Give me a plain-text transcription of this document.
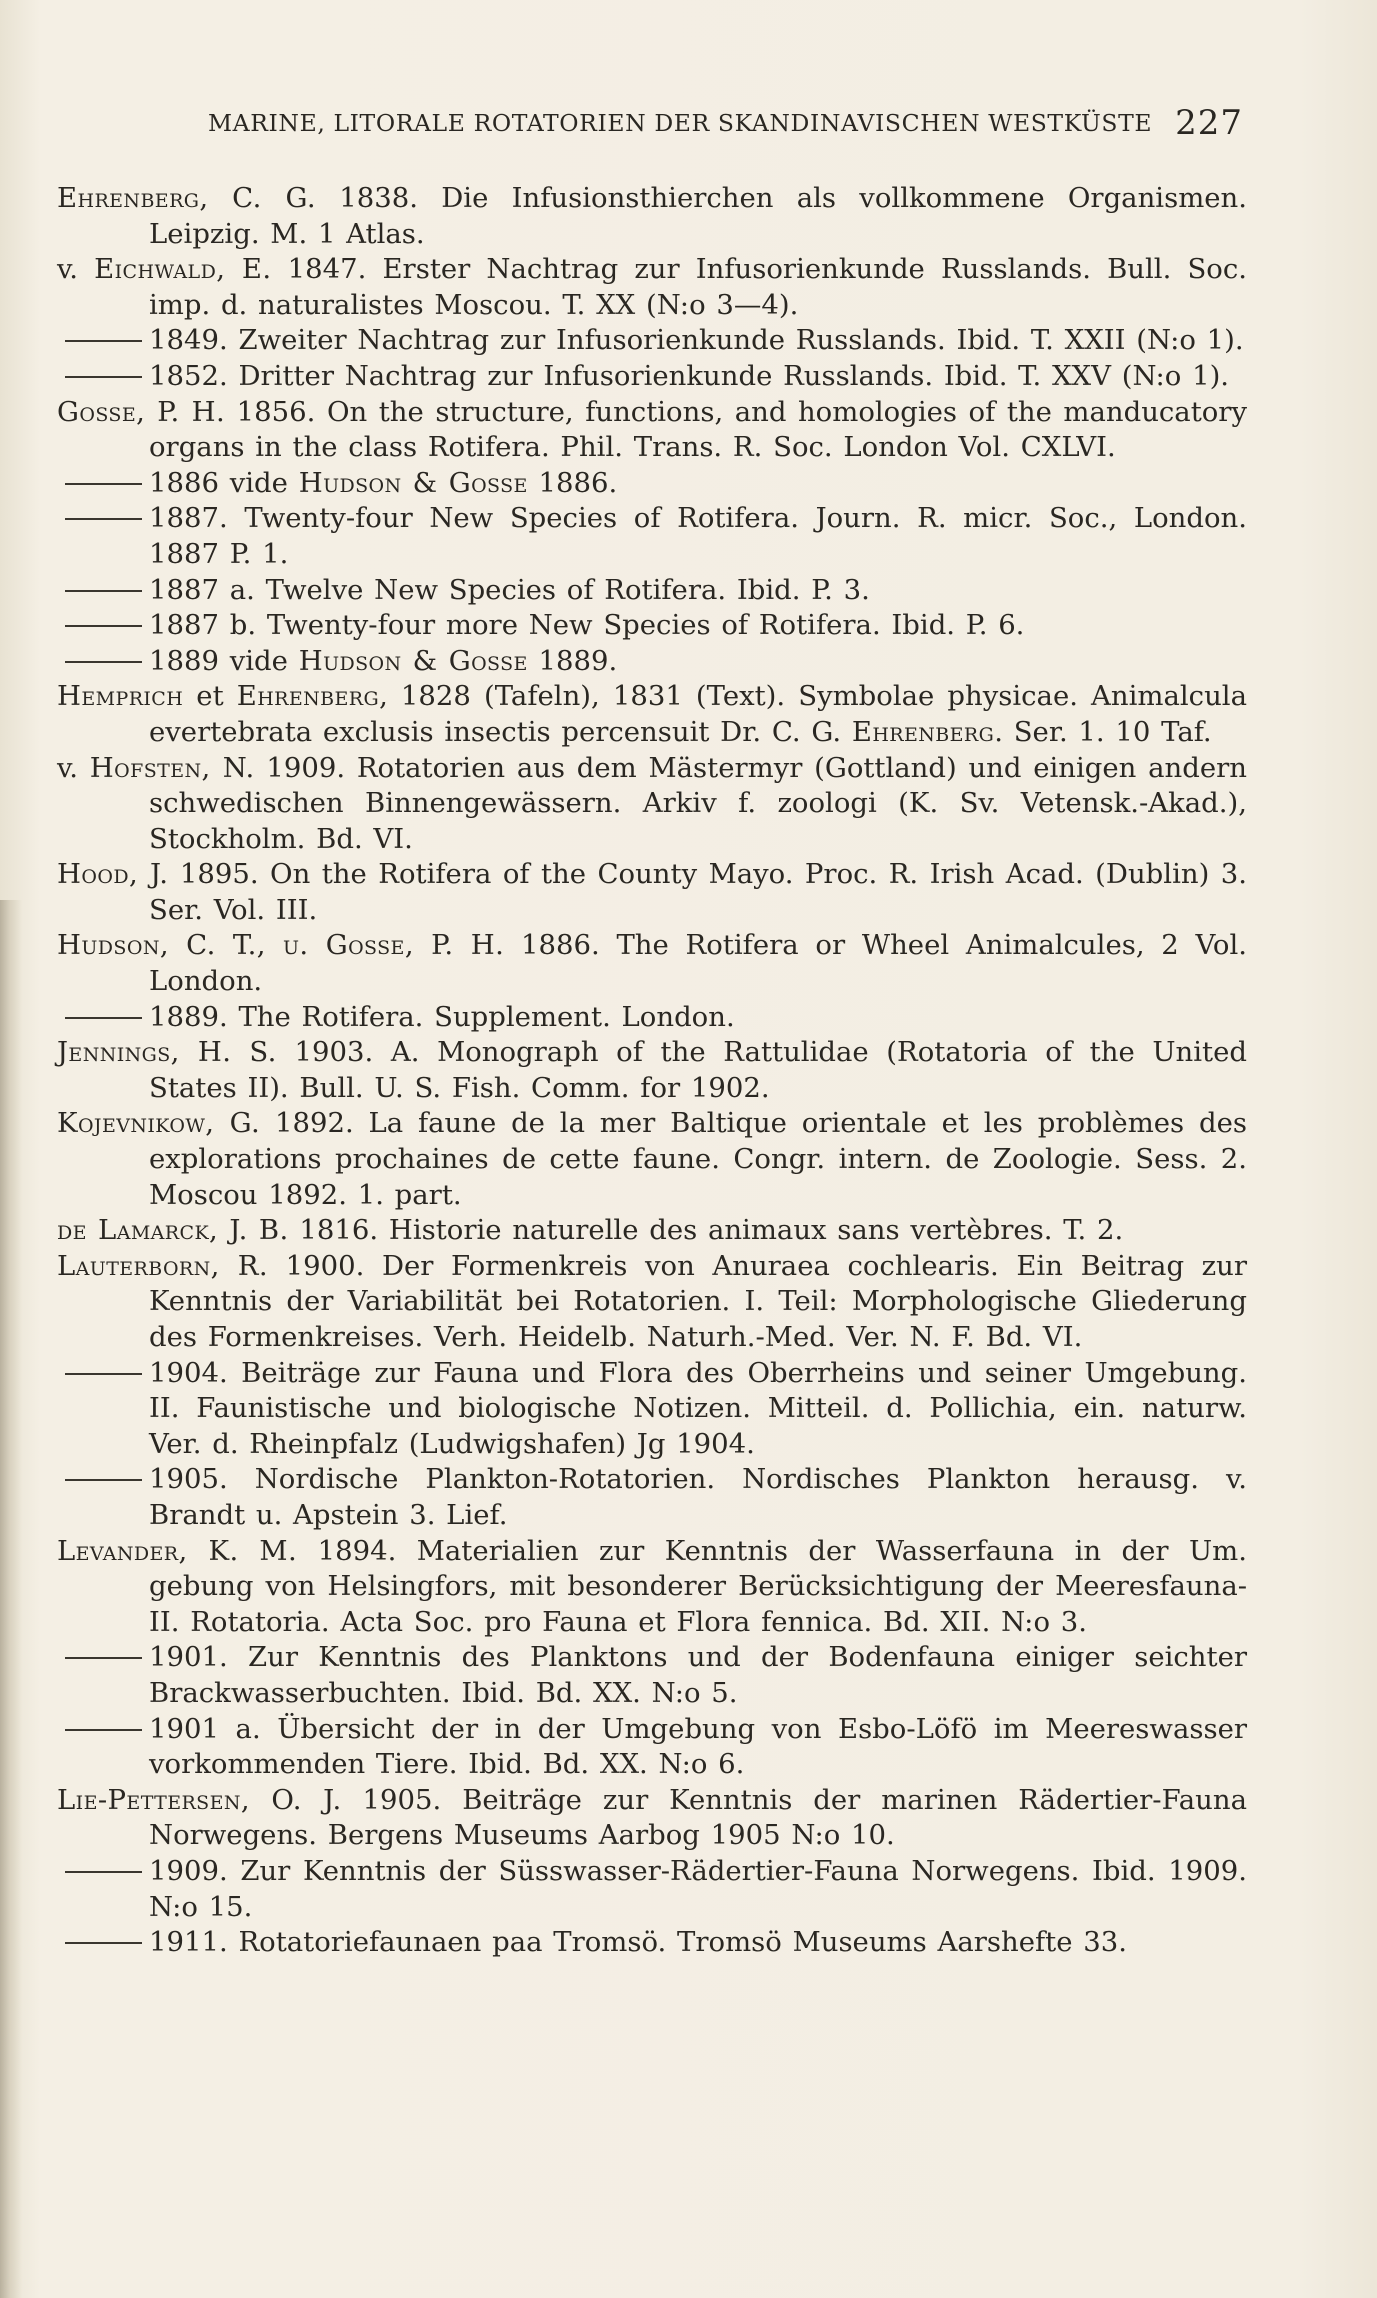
MARINE, LITORALE ROTATORIEN DER SKANDINAVISCHEN WESTKÜSTE 227
Ehrenberg, C. G. 1838. Die Infusionsthierchen als vollkommene Organismen. Leipzig. M. 1 Atlas.
v. Eichwald, E. 1847. Erster Nachtrag zur Infusorienkunde Russlands. Bull. Soc. imp. d. naturalistes Moscou. T. XX (N:o 3—4).
1849. Zweiter Nachtrag zur Infusorienkunde Russlands. Ibid. T. XXII (N:o 1).
1852. Dritter Nachtrag zur Infusorienkunde Russlands. Ibid. T. XXV (N:o 1).
Gosse, P. H. 1856. On the structure, functions, and homologies of the manducatory organs in the class Rotifera. Phil. Trans. R. Soc. London Vol. CXLVI.
1886 vide Hudson & Gosse 1886.
1887. Twenty-four New Species of Rotifera. Journ. R. micr. Soc., London. 1887 P. 1.
1887 a. Twelve New Species of Rotifera. Ibid. P. 3.
1887 b. Twenty-four more New Species of Rotifera. Ibid. P. 6.
1889 vide Hudson & Gosse 1889.
Hemprich et Ehrenberg, 1828 (Tafeln), 1831 (Text). Symbolae physicae. Animalcula evertebrata exclusis insectis percensuit Dr. C. G. Ehrenberg. Ser. 1. 10 Taf.
v. Hofsten, N. 1909. Rotatorien aus dem Mästermyr (Gottland) und einigen andern schwedischen Binnengewässern. Arkiv f. zoologi (K. Sv. Vetensk.-Akad.), Stockholm. Bd. VI.
Hood, J. 1895. On the Rotifera of the County Mayo. Proc. R. Irish Acad. (Dublin) 3. Ser. Vol. III.
Hudson, C. T., u. Gosse, P. H. 1886. The Rotifera or Wheel Animalcules, 2 Vol. London.
1889. The Rotifera. Supplement. London.
Jennings, H. S. 1903. A. Monograph of the Rattulidae (Rotatoria of the United States II). Bull. U. S. Fish. Comm. for 1902.
Kojevnikow, G. 1892. La faune de la mer Baltique orientale et les problèmes des explorations prochaines de cette faune. Congr. intern. de Zoologie. Sess. 2. Moscou 1892. 1. part.
de Lamarck, J. B. 1816. Historie naturelle des animaux sans vertèbres. T. 2.
Lauterborn, R. 1900. Der Formenkreis von Anuraea cochlearis. Ein Beitrag zur Kenntnis der Variabilität bei Rotatorien. I. Teil: Morphologische Gliederung des Formenkreises. Verh. Heidelb. Naturh.-Med. Ver. N. F. Bd. VI.
1904. Beiträge zur Fauna und Flora des Oberrheins und seiner Umgebung. II. Faunistische und biologische Notizen. Mitteil. d. Pollichia, ein. naturw. Ver. d. Rheinpfalz (Ludwigshafen) Jg 1904.
1905. Nordische Plankton-Rotatorien. Nordisches Plankton herausg. v. Brandt u. Apstein 3. Lief.
Levander, K. M. 1894. Materialien zur Kenntnis der Wasserfauna in der Um. gebung von Helsingfors, mit besonderer Berücksichtigung der Meeresfauna-II. Rotatoria. Acta Soc. pro Fauna et Flora fennica. Bd. XII. N:o 3.
1901. Zur Kenntnis des Planktons und der Bodenfauna einiger seichter Brackwasserbuchten. Ibid. Bd. XX. N:o 5.
1901 a. Übersicht der in der Umgebung von Esbo-Löfö im Meereswasser vorkommenden Tiere. Ibid. Bd. XX. N:o 6.
Lie-Pettersen, O. J. 1905. Beiträge zur Kenntnis der marinen Rädertier-Fauna Norwegens. Bergens Museums Aarbog 1905 N:o 10.
1909. Zur Kenntnis der Süsswasser-Rädertier-Fauna Norwegens. Ibid. 1909. N:o 15.
1911. Rotatoriefaunaen paa Tromsö. Tromsö Museums Aarshefte 33.
